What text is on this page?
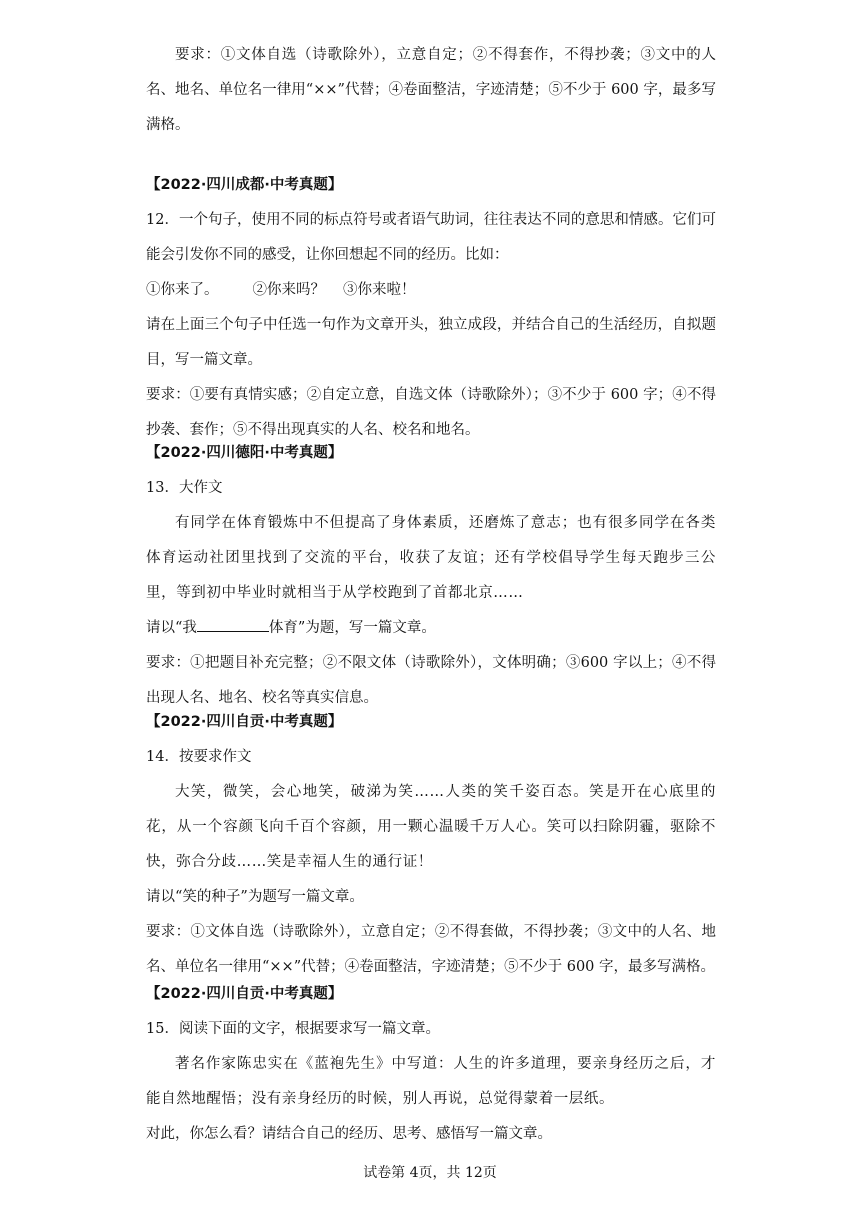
要求：①文体自选（诗歌除外），立意自定；②不得套作，不得抄袭；③文中的人名、地名、单位名一律用“××”代替；④卷面整洁，字迹清楚；⑤不少于 600 字，最多写满格。

【2022·四川成都·中考真题】

12．一个句子，使用不同的标点符号或者语气助词，往往表达不同的意思和情感。它们可能会引发你不同的感受，让你回想起不同的经历。比如：

①你来了。 ②你来吗？ ③你来啦！

请在上面三个句子中任选一句作为文章开头，独立成段，并结合自己的生活经历，自拟题目，写一篇文章。

要求：①要有真情实感；②自定立意，自选文体（诗歌除外）；③不少于 600 字；④不得抄袭、套作；⑤不得出现真实的人名、校名和地名。

【2022·四川德阳·中考真题】

13．大作文

有同学在体育锻炼中不但提高了身体素质，还磨炼了意志；也有很多同学在各类体育运动社团里找到了交流的平台，收获了友谊；还有学校倡导学生每天跑步三公里，等到初中毕业时就相当于从学校跑到了首都北京……

请以“我	体育”为题，写一篇文章。

要求：①把题目补充完整；②不限文体（诗歌除外），文体明确；③600 字以上；④不得出现人名、地名、校名等真实信息。

【2022·四川自贡·中考真题】

14．按要求作文

大笑，微笑，会心地笑，破涕为笑……人类的笑千姿百态。笑是开在心底里的花，从一个容颜飞向千百个容颜，用一颗心温暖千万人心。笑可以扫除阴霾，驱除不快，弥合分歧……笑是幸福人生的通行证！

请以“笑的种子”为题写一篇文章。

要求：①文体自选（诗歌除外），立意自定；②不得套做，不得抄袭；③文中的人名、地名、单位名一律用“××”代替；④卷面整洁，字迹清楚；⑤不少于 600 字，最多写满格。

【2022·四川自贡·中考真题】

15．阅读下面的文字，根据要求写一篇文章。

著名作家陈忠实在《蓝袍先生》中写道：人生的许多道理，要亲身经历之后，才能自然地醒悟；没有亲身经历的时候，别人再说，总觉得蒙着一层纸。

对此，你怎么看？请结合自己的经历、思考、感悟写一篇文章。

试卷第 4页，共 12页
